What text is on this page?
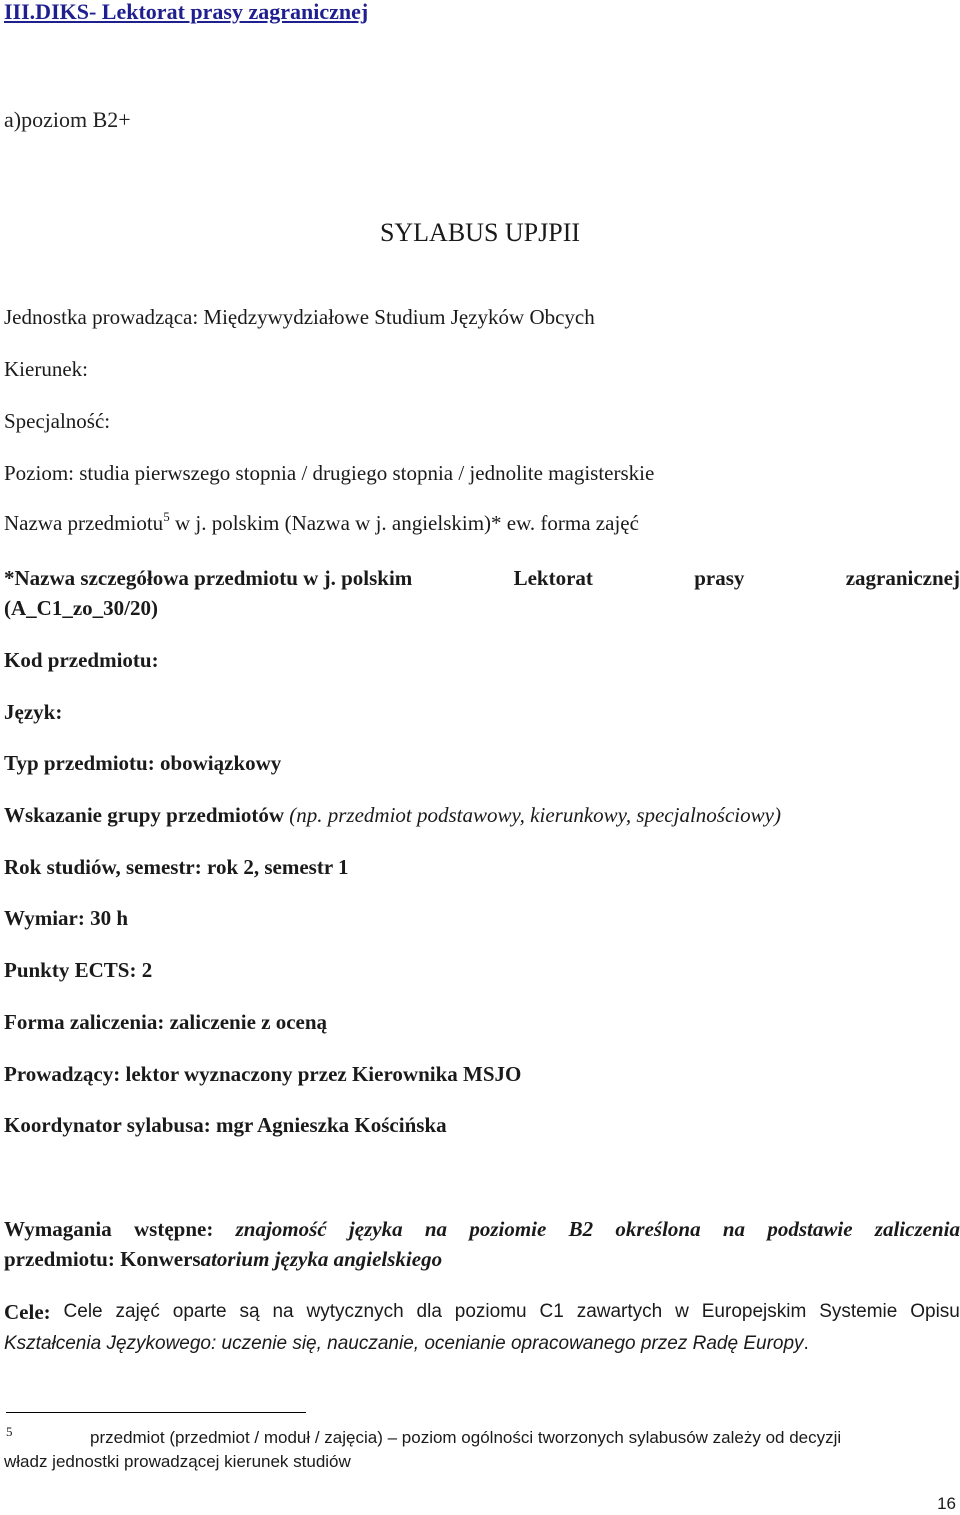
III.DIKS- Lektorat prasy zagranicznej
a)poziom B2+
SYLABUS UPJPII
Jednostka prowadząca: Międzywydziałowe Studium Języków Obcych
Kierunek:
Specjalność:
Poziom: studia pierwszego stopnia / drugiego stopnia / jednolite magisterskie
Nazwa przedmiotu$^5$ w j. polskim (Nazwa w j. angielskim)* ew. forma zajęć
*Nazwa szczegółowa przedmiotu w j. polskim	Lektorat	prasy	zagranicznej
(A_C1_zo_30/20)
Kod przedmiotu:
Język:
Typ przedmiotu: obowiązkowy
Wskazanie grupy przedmiotów (np. przedmiot podstawowy, kierunkowy, specjalnościowy)
Rok studiów, semestr: rok 2, semestr 1
Wymiar: 30 h
Punkty ECTS: 2
Forma zaliczenia: zaliczenie z oceną
Prowadzący: lektor wyznaczony przez Kierownika MSJO
Koordynator sylabusa: mgr Agnieszka Kościńska
Wymagania wstępne: znajomość języka na poziomie B2 określona na podstawie zaliczenia
przedmiotu: Konwersatorium języka angielskiego
Cele: Cele zajęć oparte są na wytycznych dla poziomu C1 zawartych w Europejskim Systemie Opisu
Kształcenia Językowego: uczenie się, nauczanie, ocenianie opracowanego przez Radę Europy.
5	przedmiot (przedmiot / moduł / zajęcia) – poziom ogólności tworzonych sylabusów zależy od decyzji
władz jednostki prowadzącej kierunek studiów
16
